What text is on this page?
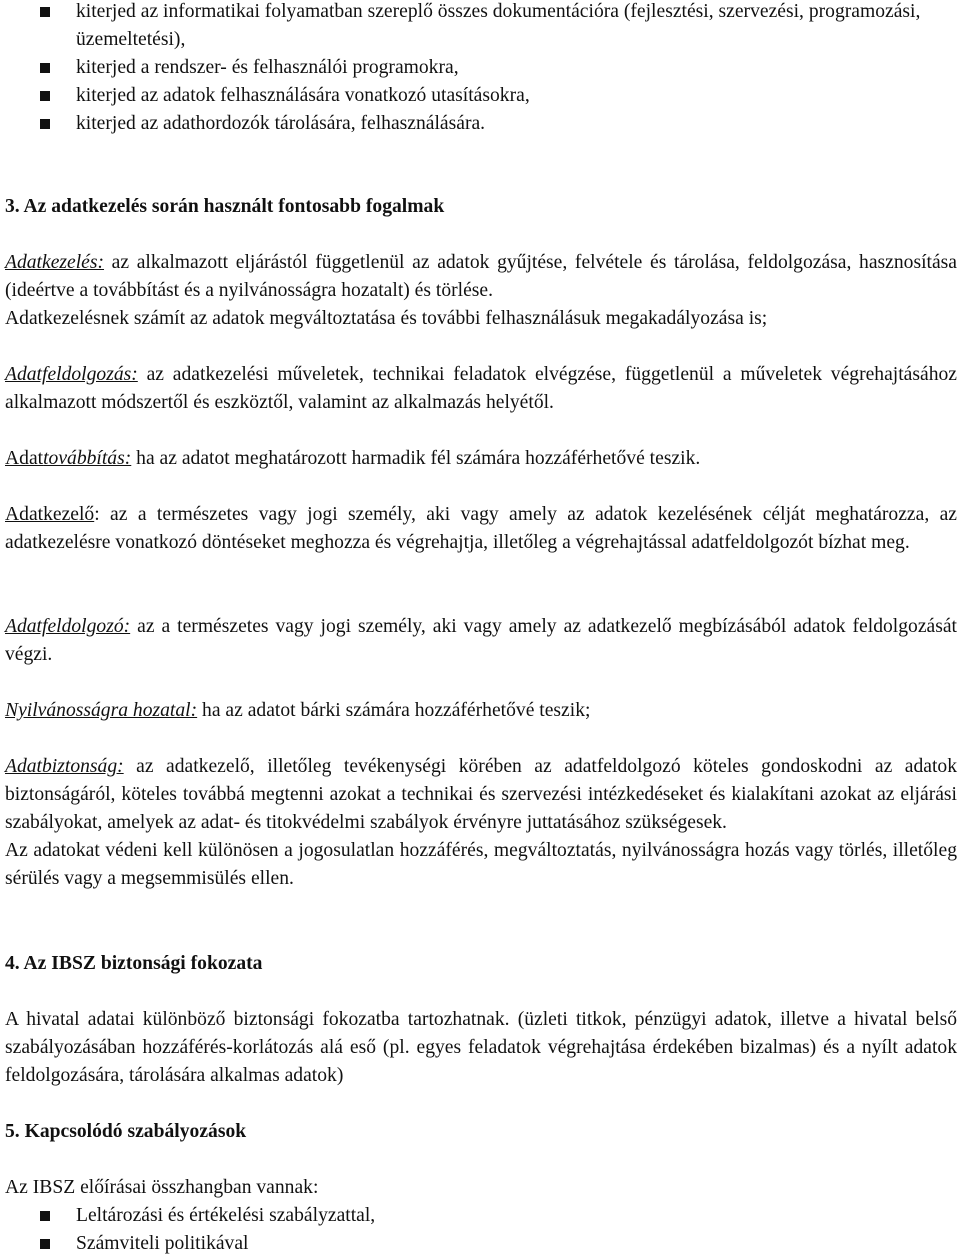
kiterjed az informatikai folyamatban szereplő összes dokumentációra (fejlesztési, szervezési, programozási, üzemeltetési),
kiterjed a rendszer- és felhasználói programokra,
kiterjed az adatok felhasználására vonatkozó utasításokra,
kiterjed az adathordozók tárolására, felhasználására.
3. Az adatkezelés során használt fontosabb fogalmak

Adatkezelés: az alkalmazott eljárástól függetlenül az adatok gyűjtése, felvétele és tárolása, feldolgozása, hasznosítása (ideértve a továbbítást és a nyilvánosságra hozatalt) és törlése.

Adatkezelésnek számít az adatok megváltoztatása és további felhasználásuk megakadályozása is;

Adatfeldolgozás: az adatkezelési műveletek, technikai feladatok elvégzése, függetlenül a műveletek végrehajtásához alkalmazott módszertől és eszköztől, valamint az alkalmazás helyétől.

Adattovábbítás: ha az adatot meghatározott harmadik fél számára hozzáférhetővé teszik.

Adatkezelő: az a természetes vagy jogi személy, aki vagy amely az adatok kezelésének célját meghatározza, az adatkezelésre vonatkozó döntéseket meghozza és végrehajtja, illetőleg a végrehajtással adatfeldolgozót bízhat meg.

Adatfeldolgozó: az a természetes vagy jogi személy, aki vagy amely az adatkezelő megbízásából adatok feldolgozását végzi.

Nyilvánosságra hozatal: ha az adatot bárki számára hozzáférhetővé teszik;

Adatbiztonság: az adatkezelő, illetőleg tevékenységi körében az adatfeldolgozó köteles gondoskodni az adatok biztonságáról, köteles továbbá megtenni azokat a technikai és szervezési intézkedéseket és kialakítani azokat az eljárási szabályokat, amelyek az adat- és titokvédelmi szabályok érvényre juttatásához szükségesek.

Az adatokat védeni kell különösen a jogosulatlan hozzáférés, megváltoztatás, nyilvánosságra hozás vagy törlés, illetőleg sérülés vagy a megsemmisülés ellen.

4. Az IBSZ biztonsági fokozata

A hivatal adatai különböző biztonsági fokozatba tartozhatnak. (üzleti titkok, pénzügyi adatok, illetve a hivatal belső szabályozásában hozzáférés-korlátozás alá eső (pl. egyes feladatok végrehajtása érdekében bizalmas) és a nyílt adatok feldolgozására, tárolására alkalmas adatok)

5. Kapcsolódó szabályozások

Az IBSZ előírásai összhangban vannak:

Leltározási és értékelési szabályzattal,
Számviteli politikával
